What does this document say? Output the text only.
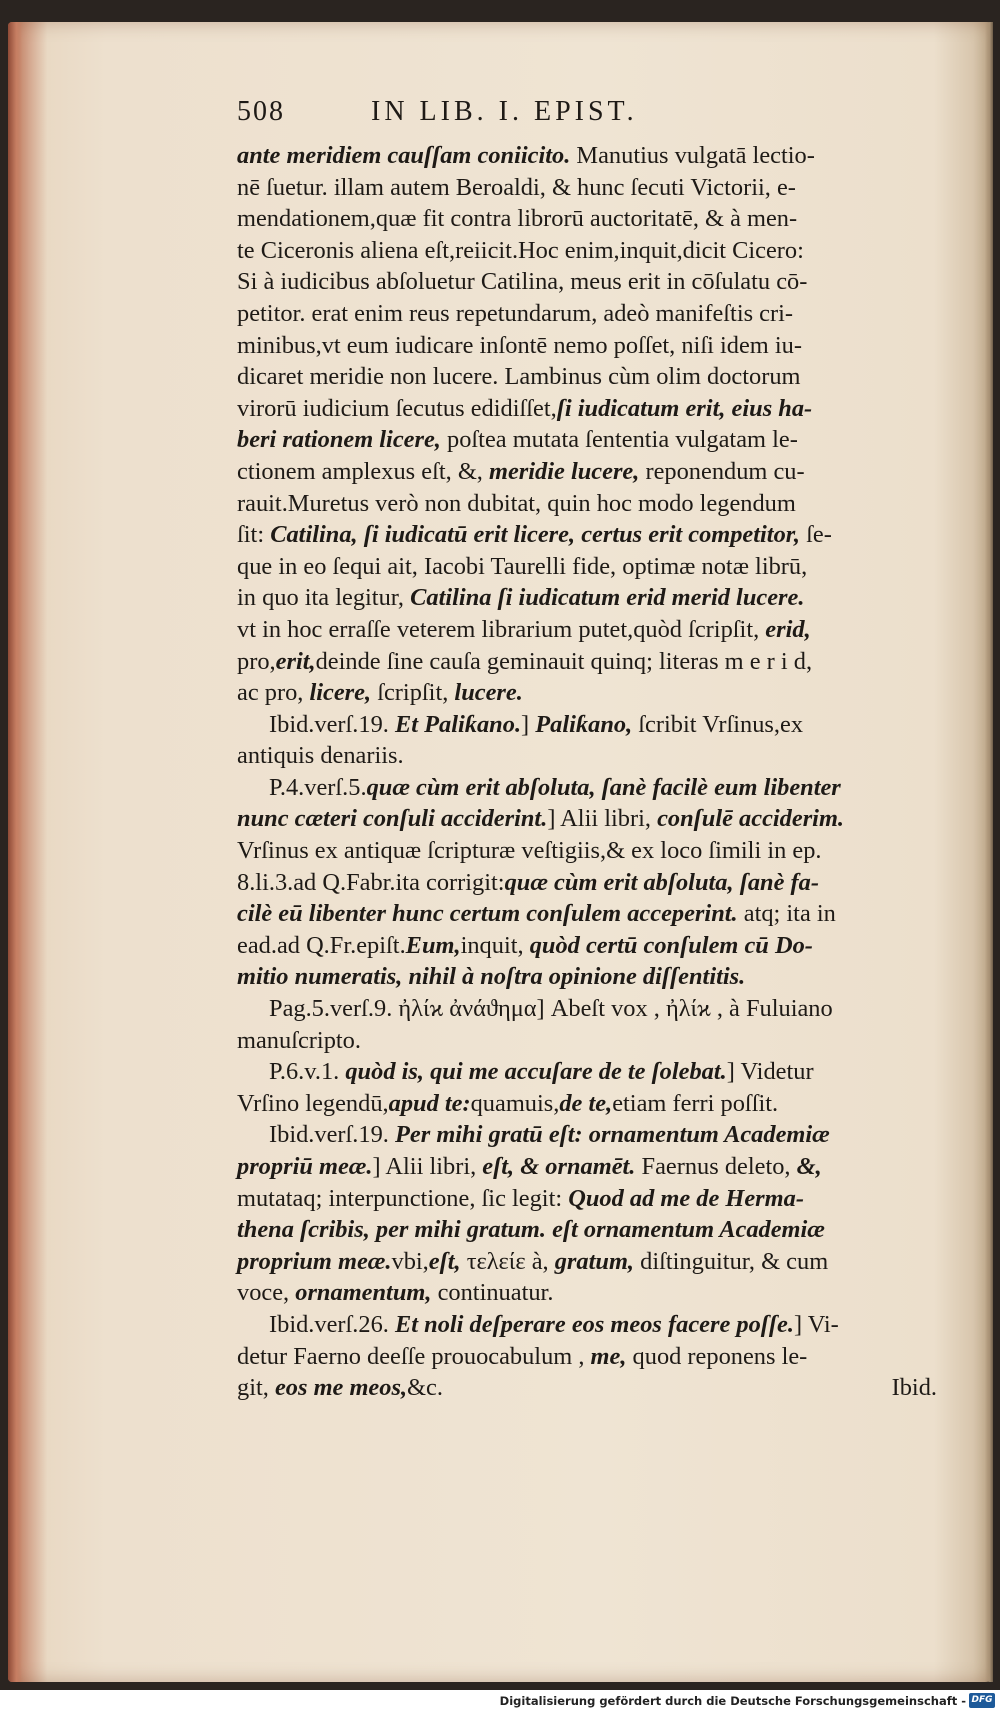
508	IN LIB. I. EPIST.
ante meridiem cauſſam coniicito. Manutius vulgatā lectio-
nē ſuetur. illam autem Beroaldi, & hunc ſecuti Victorii, e-
mendationem,quæ fit contra librorū auctoritatē, & à men-
te Ciceronis aliena eſt,reiicit.Hoc enim,inquit,dicit Cicero:
Si à iudicibus abſoluetur Catilina, meus erit in cōſulatu cō-
petitor. erat enim reus repetundarum, adeò manifeſtis cri-
minibus,vt eum iudicare inſontē nemo poſſet, niſi idem iu-
dicaret meridie non lucere. Lambinus cùm olim doctorum
virorū iudicium ſecutus edidiſſet,ſi iudicatum erit, eius ha-
beri rationem licere, poſtea mutata ſententia vulgatam le-
ctionem amplexus eſt, &, meridie lucere, reponendum cu-
rauit.Muretus verò non dubitat, quin hoc modo legendum
ſit: Catilina, ſi iudicatū erit licere, certus erit competitor, ſe-
que in eo ſequi ait, Iacobi Taurelli fide, optimæ notæ librū,
in quo ita legitur, Catilina ſi iudicatum erid merid lucere.
vt in hoc erraſſe veterem librarium putet,quòd ſcripſit, erid,
pro,erit,deinde ſine cauſa geminauit quinq; literas m e r i d,
ac pro, licere, ſcripſit, lucere.
Ibid.verſ.19. Et Paliƙano.] Paliƙano, ſcribit Vrſinus,ex
antiquis denariis.
P.4.verſ.5.quæ cùm erit abſoluta, ſanè facilè eum libenter
nunc cæteri conſuli acciderint.] Alii libri, conſulē acciderim.
Vrſinus ex antiquæ ſcripturæ veſtigiis,& ex loco ſimili in ep.
8.li.3.ad Q.Fabr.ita corrigit:quæ cùm erit abſoluta, ſanè fa-
cilè eū libenter hunc certum conſulem acceperint. atq; ita in
ead.ad Q.Fr.epiſt.Eum,inquit, quòd certū conſulem cū Do-
mitio numeratis, nihil à noſtra opinione diſſentitis.
Pag.5.verſ.9. ἠλίϰ ἀνάϑημα] Abeſt vox , ἠλίϰ , à Fuluiano
manuſcripto.
P.6.v.1. quòd is, qui me accuſare de te ſolebat.] Videtur
Vrſino legendū,apud te:quamuis,de te,etiam ferri poſſit.
Ibid.verſ.19. Per mihi gratū eſt: ornamentum Academiæ
propriū meæ.] Alii libri, eſt, & ornamēt. Faernus deleto, &,
mutataq; interpunctione, ſic legit: Quod ad me de Herma-
thena ſcribis, per mihi gratum. eſt ornamentum Academiæ
proprium meæ.vbi,eſt, τελείε à, gratum, diſtinguitur, & cum
voce, ornamentum, continuatur.
Ibid.verſ.26. Et noli deſperare eos meos facere poſſe.] Vi-
detur Faerno deeſſe prouocabulum , me, quod reponens le-
git, eos me meos,&c.	Ibid.
Digitalisierung gefördert durch die Deutsche Forschungsgemeinschaft - DFG
